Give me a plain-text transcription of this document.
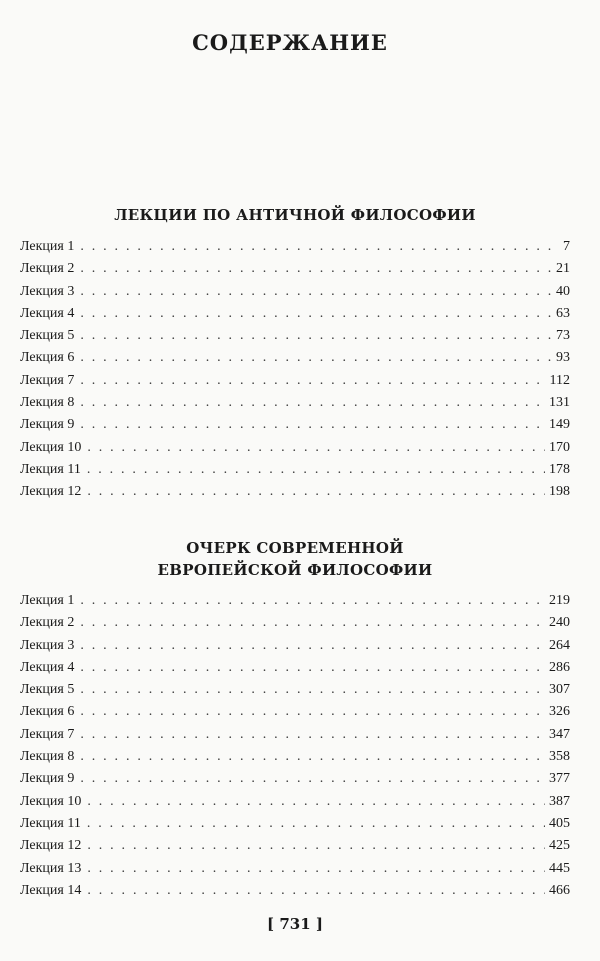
СОДЕРЖАНИЕ
ЛЕКЦИИ ПО АНТИЧНОЙ ФИЛОСОФИИ
Лекция 1 . . .	7
Лекция 2 . . .	21
Лекция 3 . . .	40
Лекция 4 . . .	63
Лекция 5 . . .	73
Лекция 6 . . .	93
Лекция 7 . . .	112
Лекция 8 . . .	131
Лекция 9 . . .	149
Лекция 10 . . .	170
Лекция 11 . . .	178
Лекция 12 . . .	198
ОЧЕРК СОВРЕМЕННОЙ
ЕВРОПЕЙСКОЙ ФИЛОСОФИИ
Лекция 1 . . .	219
Лекция 2 . . .	240
Лекция 3 . . .	264
Лекция 4 . . .	286
Лекция 5 . . .	307
Лекция 6 . . .	326
Лекция 7 . . .	347
Лекция 8 . . .	358
Лекция 9 . . .	377
Лекция 10 . . .	387
Лекция 11 . . .	405
Лекция 12 . . .	425
Лекция 13 . . .	445
Лекция 14 . . .	466
[ 731 ]
